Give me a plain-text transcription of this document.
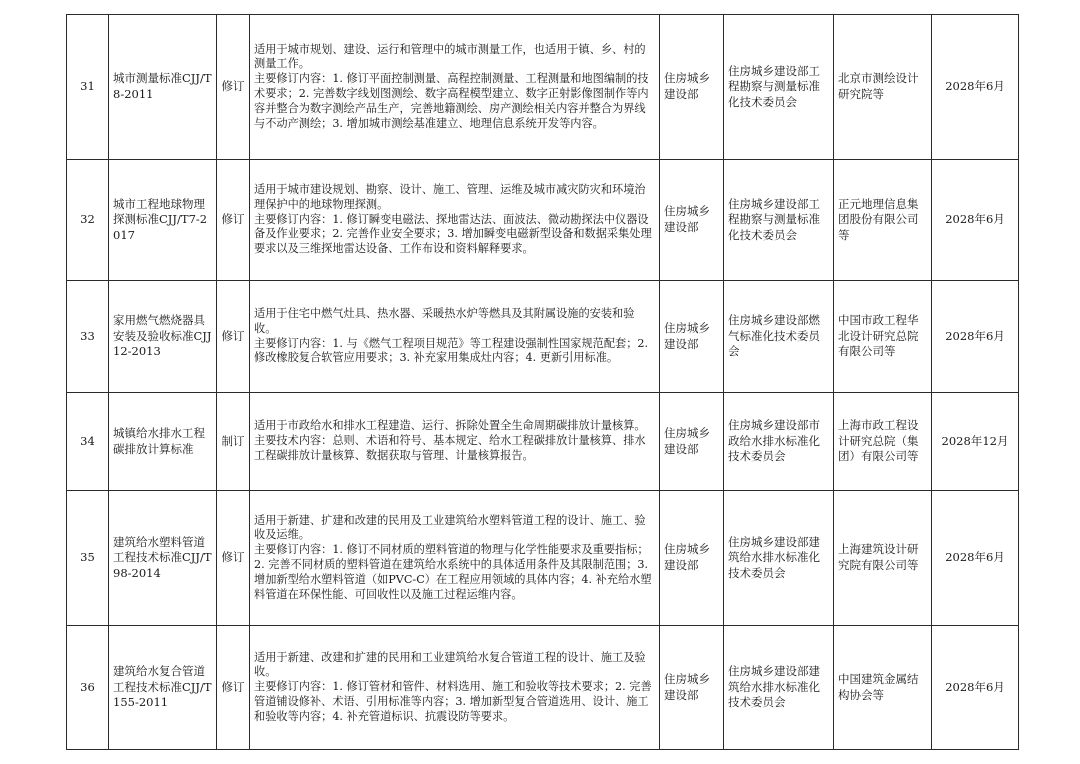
31	城市测量标准CJJ/T8-2011	修订	适用于城市规划、建设、运行和管理中的城市测量工作，也适用于镇、乡、村的测量工作。
主要修订内容：1. 修订平面控制测量、高程控制测量、工程测量和地图编制的技术要求；2. 完善数字线划图测绘、数字高程模型建立、数字正射影像图制作等内容并整合为数字测绘产品生产，完善地籍测绘、房产测绘相关内容并整合为界线与不动产测绘；3. 增加城市测绘基准建立、地理信息系统开发等内容。	住房城乡建设部	住房城乡建设部工程勘察与测量标准化技术委员会	北京市测绘设计研究院等	2028年6月
32	城市工程地球物理探测标准CJJ/T7-2017	修订	适用于城市建设规划、勘察、设计、施工、管理、运维及城市减灾防灾和环境治理保护中的地球物理探测。
主要修订内容：1. 修订瞬变电磁法、探地雷达法、面波法、微动勘探法中仪器设备及作业要求；2. 完善作业安全要求；3. 增加瞬变电磁新型设备和数据采集处理要求以及三维探地雷达设备、工作布设和资料解释要求。	住房城乡建设部	住房城乡建设部工程勘察与测量标准化技术委员会	正元地理信息集团股份有限公司等	2028年6月
33	家用燃气燃烧器具安装及验收标准CJJ12-2013	修订	适用于住宅中燃气灶具、热水器、采暖热水炉等燃具及其附属设施的安装和验收。
主要修订内容：1. 与《燃气工程项目规范》等工程建设强制性国家规范配套；2. 修改橡胶复合软管应用要求；3. 补充家用集成灶内容；4. 更新引用标准。	住房城乡建设部	住房城乡建设部燃气标准化技术委员会	中国市政工程华北设计研究总院有限公司等	2028年6月
34	城镇给水排水工程碳排放计算标准	制订	适用于市政给水和排水工程建造、运行、拆除处置全生命周期碳排放计量核算。
主要技术内容：总则、术语和符号、基本规定、给水工程碳排放计量核算、排水工程碳排放计量核算、数据获取与管理、计量核算报告。	住房城乡建设部	住房城乡建设部市政给水排水标准化技术委员会	上海市政工程设计研究总院（集团）有限公司等	2028年12月
35	建筑给水塑料管道工程技术标准CJJ/T98-2014	修订	适用于新建、扩建和改建的民用及工业建筑给水塑料管道工程的设计、施工、验收及运维。
主要修订内容：1. 修订不同材质的塑料管道的物理与化学性能要求及重要指标；2. 完善不同材质的塑料管道在建筑给水系统中的具体适用条件及其限制范围；3. 增加新型给水塑料管道（如PVC-C）在工程应用领域的具体内容；4. 补充给水塑料管道在环保性能、可回收性以及施工过程运维内容。	住房城乡建设部	住房城乡建设部建筑给水排水标准化技术委员会	上海建筑设计研究院有限公司等	2028年6月
36	建筑给水复合管道工程技术标准CJJ/T155-2011	修订	适用于新建、改建和扩建的民用和工业建筑给水复合管道工程的设计、施工及验收。
主要修订内容：1. 修订管材和管件、材料选用、施工和验收等技术要求；2. 完善管道铺设修补、术语、引用标准等内容；3. 增加新型复合管道选用、设计、施工和验收等内容；4. 补充管道标识、抗震设防等要求。	住房城乡建设部	住房城乡建设部建筑给水排水标准化技术委员会	中国建筑金属结构协会等	2028年6月
